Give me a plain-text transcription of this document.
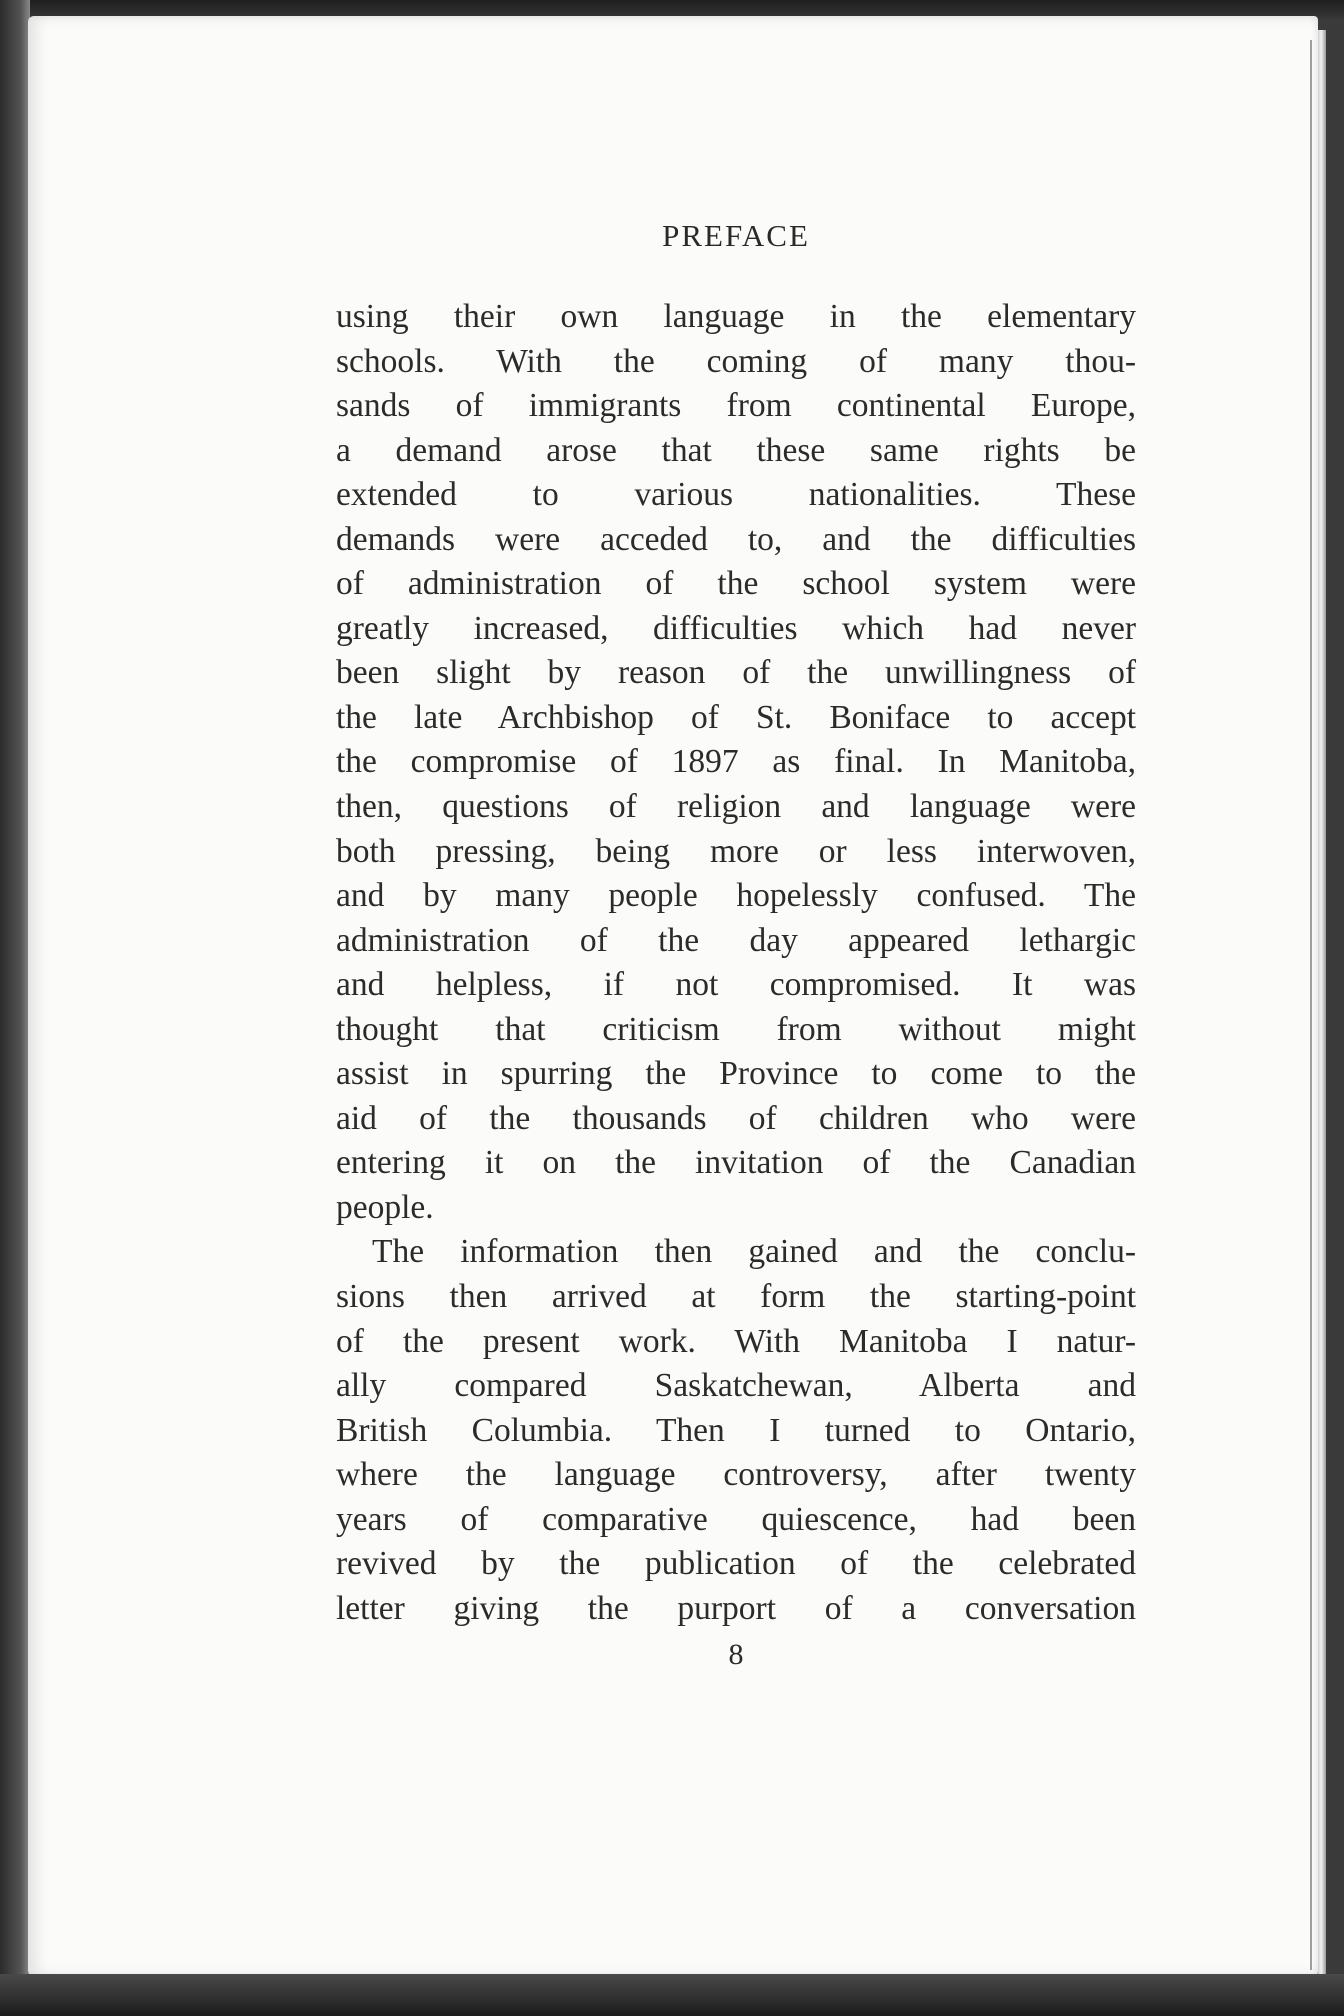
PREFACE
using their own language in the elementary
schools. With the coming of many thou-
sands of immigrants from continental Europe,
a demand arose that these same rights be
extended to various nationalities. These
demands were acceded to, and the difficulties
of administration of the school system were
greatly increased, difficulties which had never
been slight by reason of the unwillingness of
the late Archbishop of St. Boniface to accept
the compromise of 1897 as final. In Manitoba,
then, questions of religion and language were
both pressing, being more or less interwoven,
and by many people hopelessly confused. The
administration of the day appeared lethargic
and helpless, if not compromised. It was
thought that criticism from without might
assist in spurring the Province to come to the
aid of the thousands of children who were
entering it on the invitation of the Canadian
people.
The information then gained and the conclu-
sions then arrived at form the starting-point
of the present work. With Manitoba I natur-
ally compared Saskatchewan, Alberta and
British Columbia. Then I turned to Ontario,
where the language controversy, after twenty
years of comparative quiescence, had been
revived by the publication of the celebrated
letter giving the purport of a conversation
8
